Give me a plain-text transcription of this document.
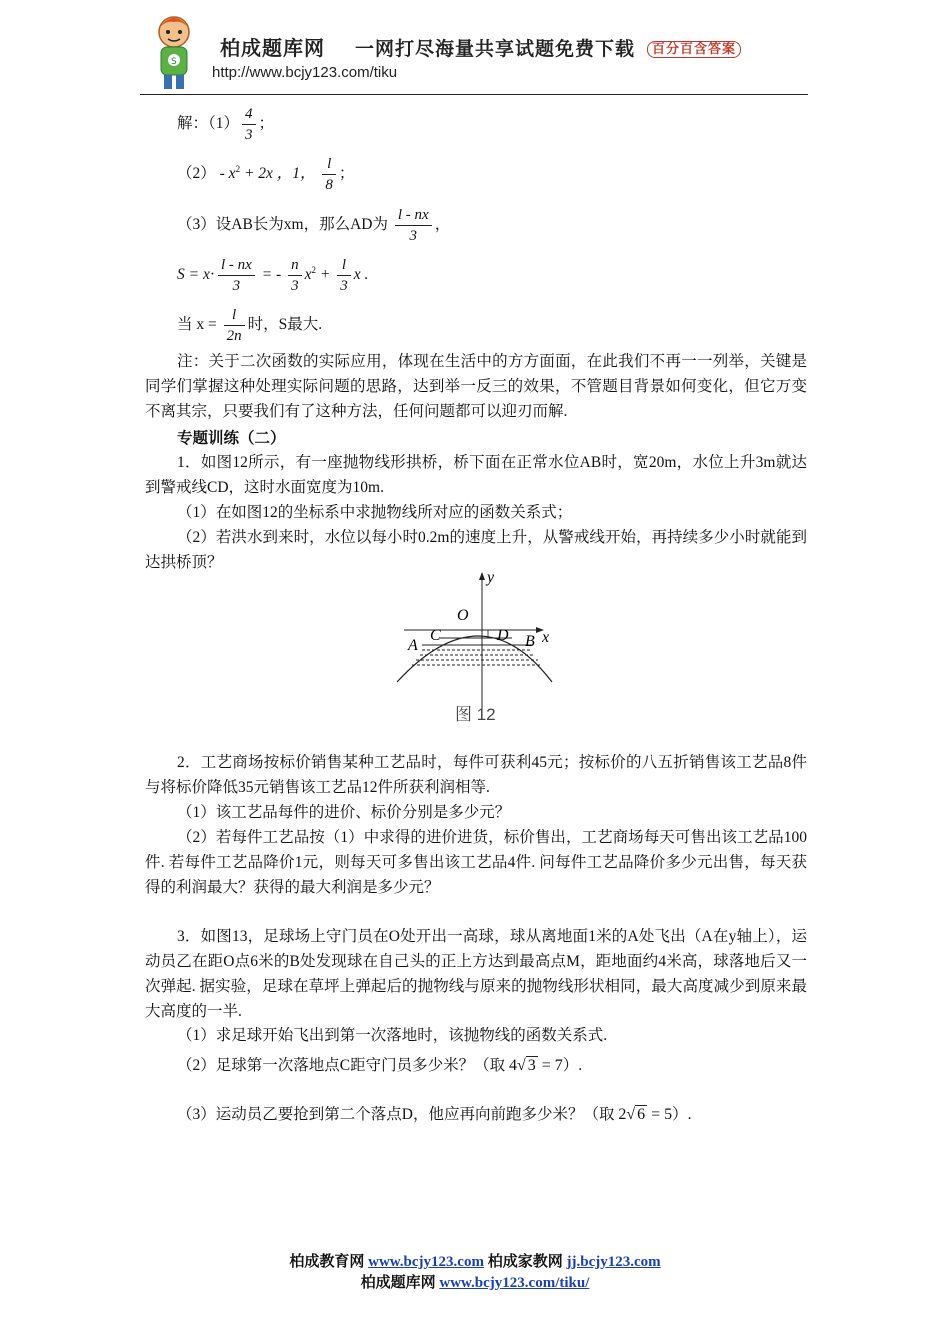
S
柏成题库网 一网打尽海量共享试题免费下载 百分百含答案
http://www.bcjy123.com/tiku
解：$(1) \frac{4}{3}$ ；
$(2) - x^2 + 2x$ ，1， $\frac{l}{8}$ ；
（3）设AB长为xm，那么AD为 $\frac{l - nx}{3}$ ，
$S = x\cdot \frac{l - nx}{3}$ = - $\frac{n}{3} x^2 + \frac{l}{3}$ x .
当 $x = \frac{l}{2n}$ 时，S最大.
注：关于二次函数的实际应用，体现在生活中的方方面面，在此我们不再一一列举，关键是同学们掌握这种处理实际问题的思路，达到举一反三的效果，不管题目背景如何变化，但它万变不离其宗，只要我们有了这种方法，任何问题都可以迎刃而解.
专题训练（二）
1．如图12所示，有一座抛物线形拱桥，桥下面在正常水位AB时，宽20m，水位上升3m就达到警戒线CD，这时水面宽度为10m.
（1）在如图12的坐标系中求抛物线所对应的函数关系式；
（2）若洪水到来时，水位以每小时0.2m的速度上升，从警戒线开始，再持续多少小时就能到达拱桥顶？
y
O
x
A
C	D B
图 12
2．工艺商场按标价销售某种工艺品时，每件可获利45元；按标价的八五折销售该工艺品8件与将标价降低35元销售该工艺品12件所获利润相等.
（1）该工艺品每件的进价、标价分别是多少元？
（2）若每件工艺品按（1）中求得的进价进货，标价售出，工艺商场每天可售出该工艺品100件. 若每件工艺品降价1元，则每天可多售出该工艺品4件. 问每件工艺品降价多少元出售，每天获得的利润最大？获得的最大利润是多少元？
3．如图13，足球场上守门员在O处开出一高球，球从离地面1米的A处飞出（A在y轴上），运动员乙在距O点6米的B处发现球在自己头的正上方达到最高点M，距地面约4米高，球落地后又一次弹起. 据实验，足球在草坪上弹起后的抛物线与原来的抛物线形状相同，最大高度减少到原来最大高度的一半.
（1）求足球开始飞出到第一次落地时，该抛物线的函数关系式.
（2）足球第一次落地点C距守门员多少米？（取 4√ 3 = 7）.
（3）运动员乙要抢到第二个落点D，他应再向前跑多少米？（取 2√ 6 = 5）.
柏成教育网 www.bcjy123.com 柏成家教网 jj.bcjy123.com
柏成题库网 www.bcjy123.com/tiku/
